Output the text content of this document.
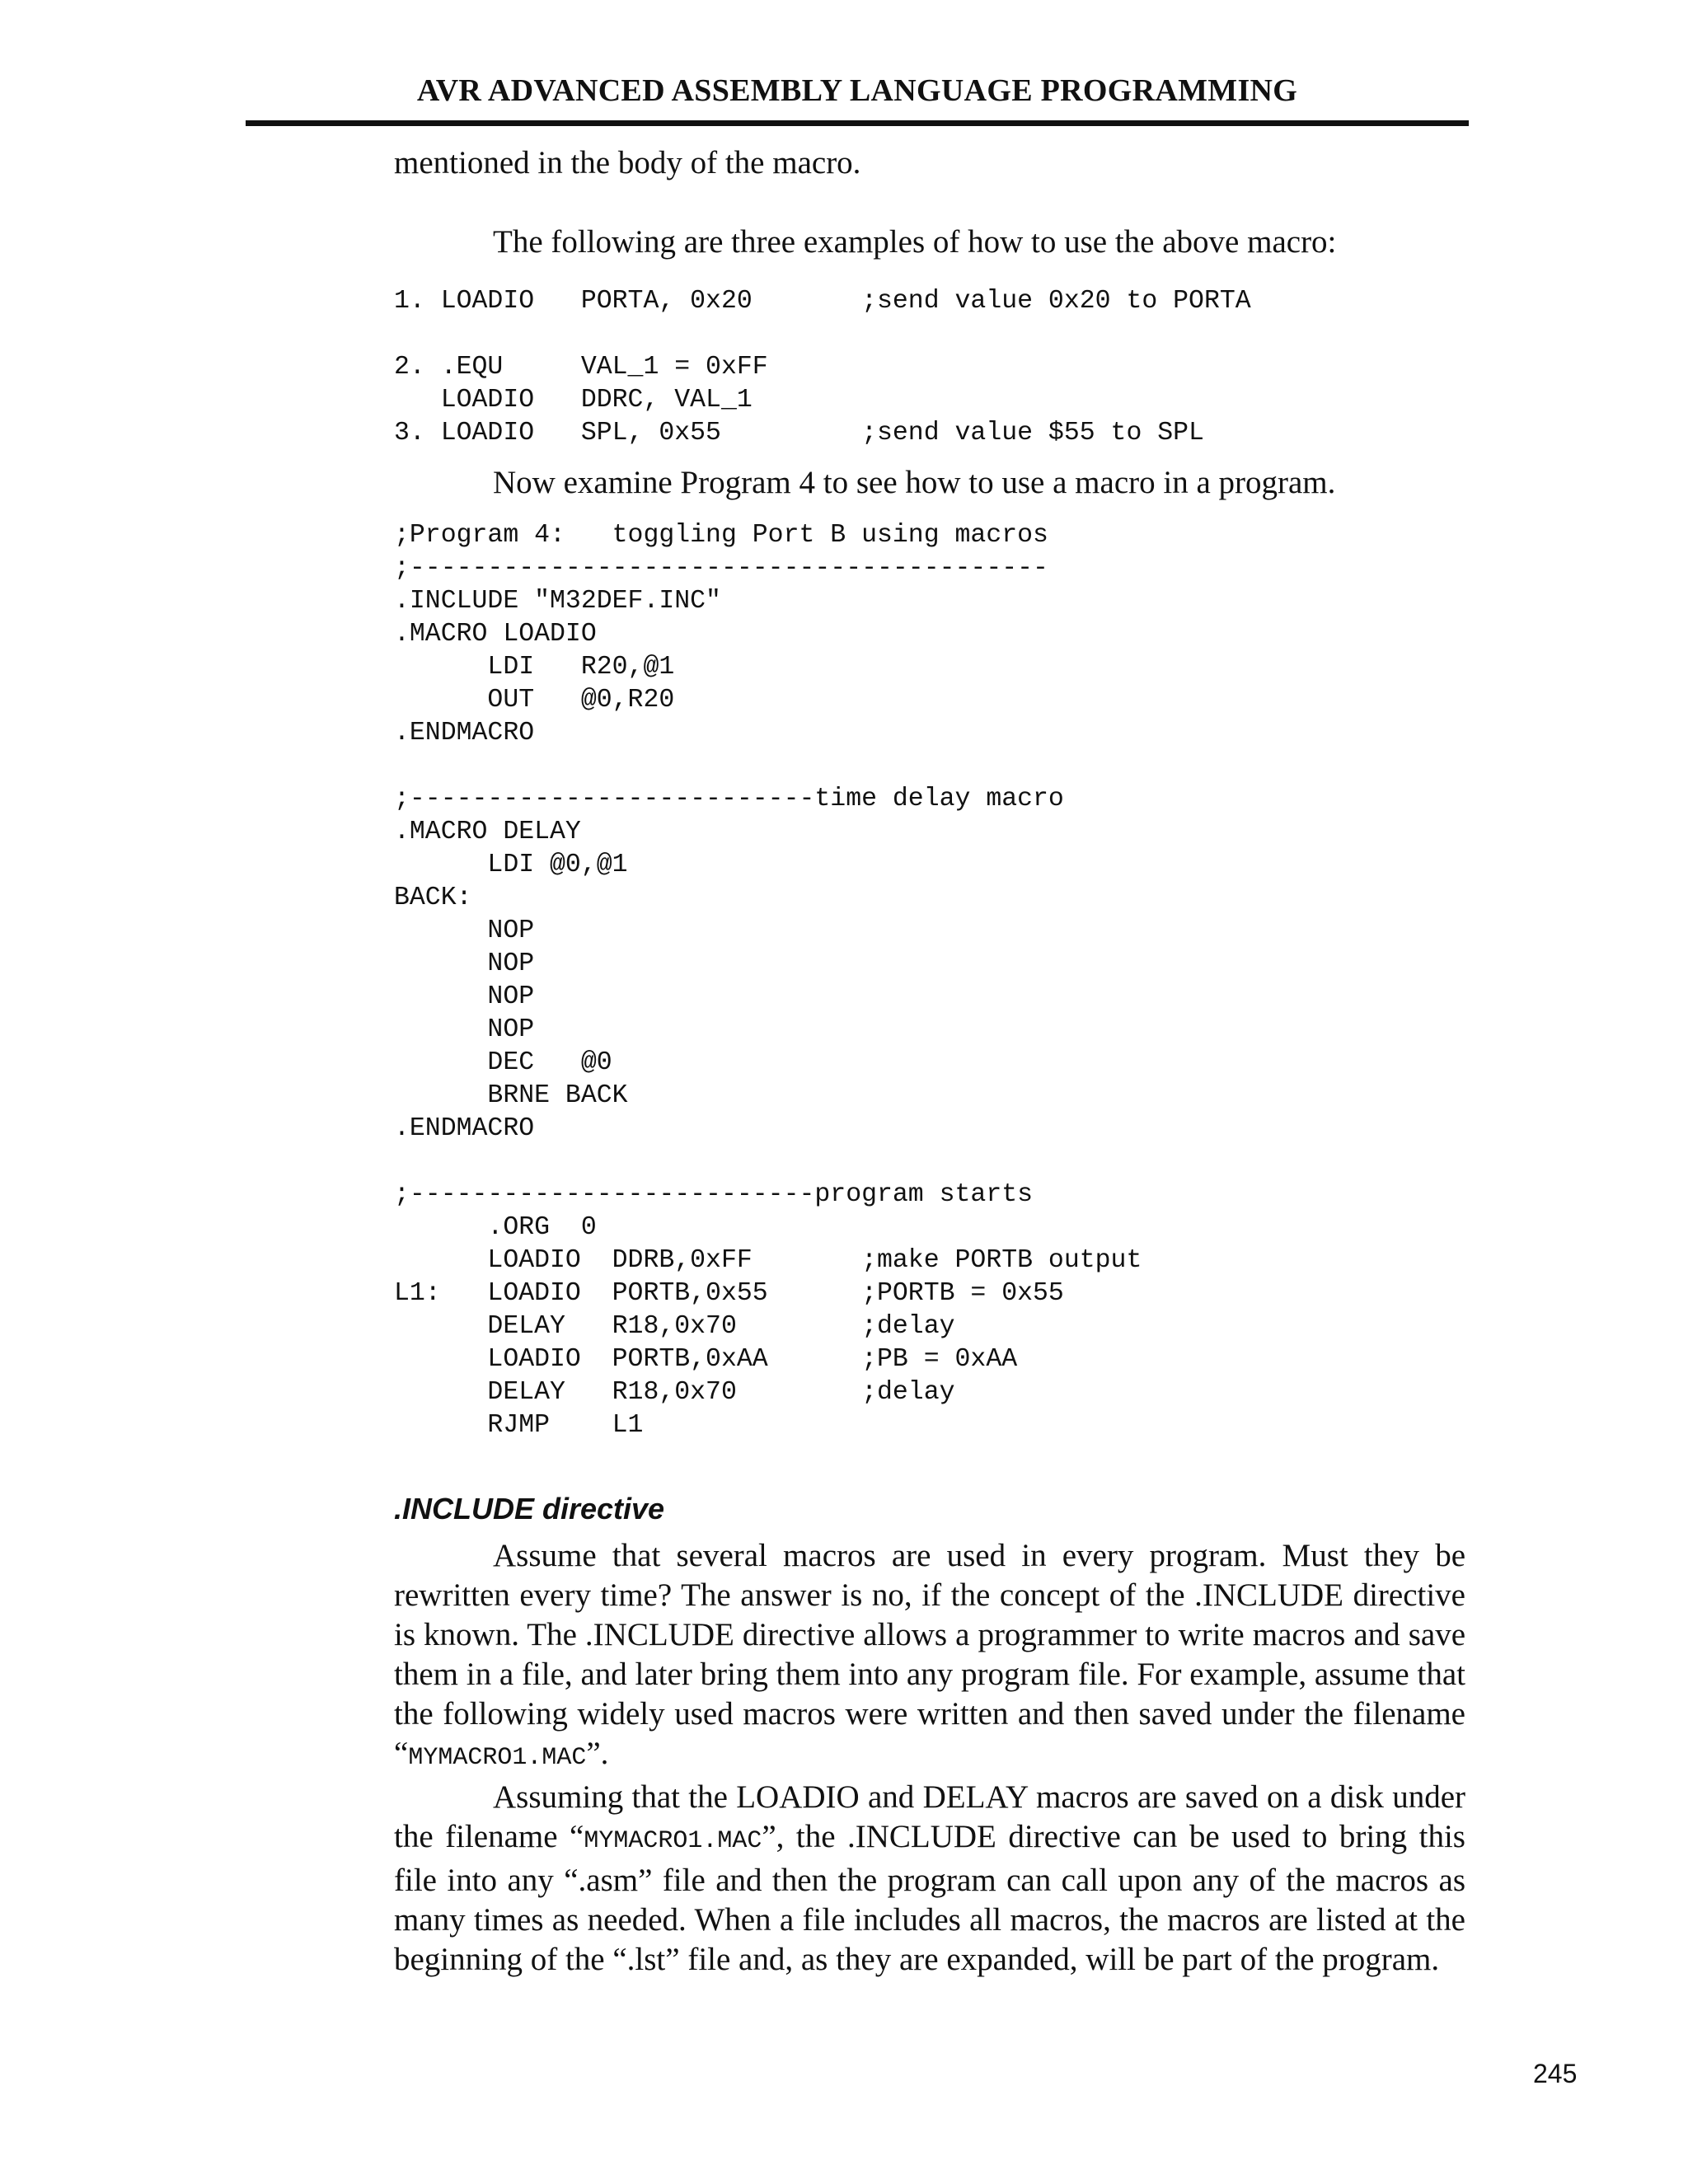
AVR ADVANCED ASSEMBLY LANGUAGE PROGRAMMING

mentioned in the body of the macro.

The following are three examples of how to use the above macro:

1. LOADIO   PORTA, 0x20       ;send value 0x20 to PORTA
2. .EQU     VAL_1 = 0xFF
LOADIO   DDRC, VAL_1
3. LOADIO   SPL, 0x55         ;send value $55 to SPL

Now examine Program 4 to see how to use a macro in a program.

;Program 4:   toggling Port B using macros
;-----------------------------------------
.INCLUDE "M32DEF.INC"
.MACRO LOADIO
LDI   R20,@1
OUT   @0,R20
.ENDMACRO
;--------------------------time delay macro
.MACRO DELAY
LDI @0,@1
BACK:
NOP
NOP
NOP
NOP
DEC   @0
BRNE BACK
.ENDMACRO
;--------------------------program starts
.ORG  0
LOADIO  DDRB,0xFF       ;make PORTB output
L1:   LOADIO  PORTB,0x55      ;PORTB = 0x55
DELAY   R18,0x70        ;delay
LOADIO  PORTB,0xAA      ;PB = 0xAA
DELAY   R18,0x70        ;delay
RJMP    L1

.INCLUDE directive

Assume that several macros are used in every program. Must they be rewritten every time? The answer is no, if the concept of the .INCLUDE directive is known. The .INCLUDE directive allows a programmer to write macros and save them in a file, and later bring them into any program file. For example, assume that the following widely used macros were written and then saved under the filename “MYMACRO1.MAC”.

Assuming that the LOADIO and DELAY macros are saved on a disk under the filename “MYMACRO1.MAC”, the .INCLUDE directive can be used to bring this file into any “.asm” file and then the program can call upon any of the macros as many times as needed. When a file includes all macros, the macros are listed at the beginning of the “.lst” file and, as they are expanded, will be part of the program.

245
